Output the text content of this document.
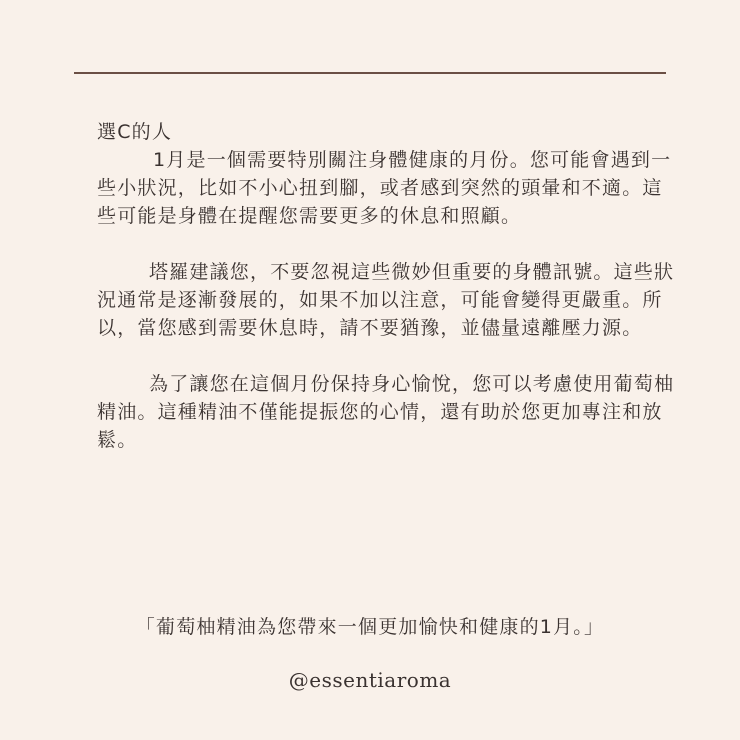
選C的人

1月是一個需要特別關注身體健康的月份。您可能會遇到一些小狀況，比如不小心扭到腳，或者感到突然的頭暈和不適。這些可能是身體在提醒您需要更多的休息和照顧。

塔羅建議您，不要忽視這些微妙但重要的身體訊號。這些狀況通常是逐漸發展的，如果不加以注意，可能會變得更嚴重。所以，當您感到需要休息時，請不要猶豫，並儘量遠離壓力源。

為了讓您在這個月份保持身心愉悅，您可以考慮使用葡萄柚精油。這種精油不僅能提振您的心情，還有助於您更加專注和放鬆。

「葡萄柚精油為您帶來一個更加愉快和健康的1月。」
@essentiaroma
